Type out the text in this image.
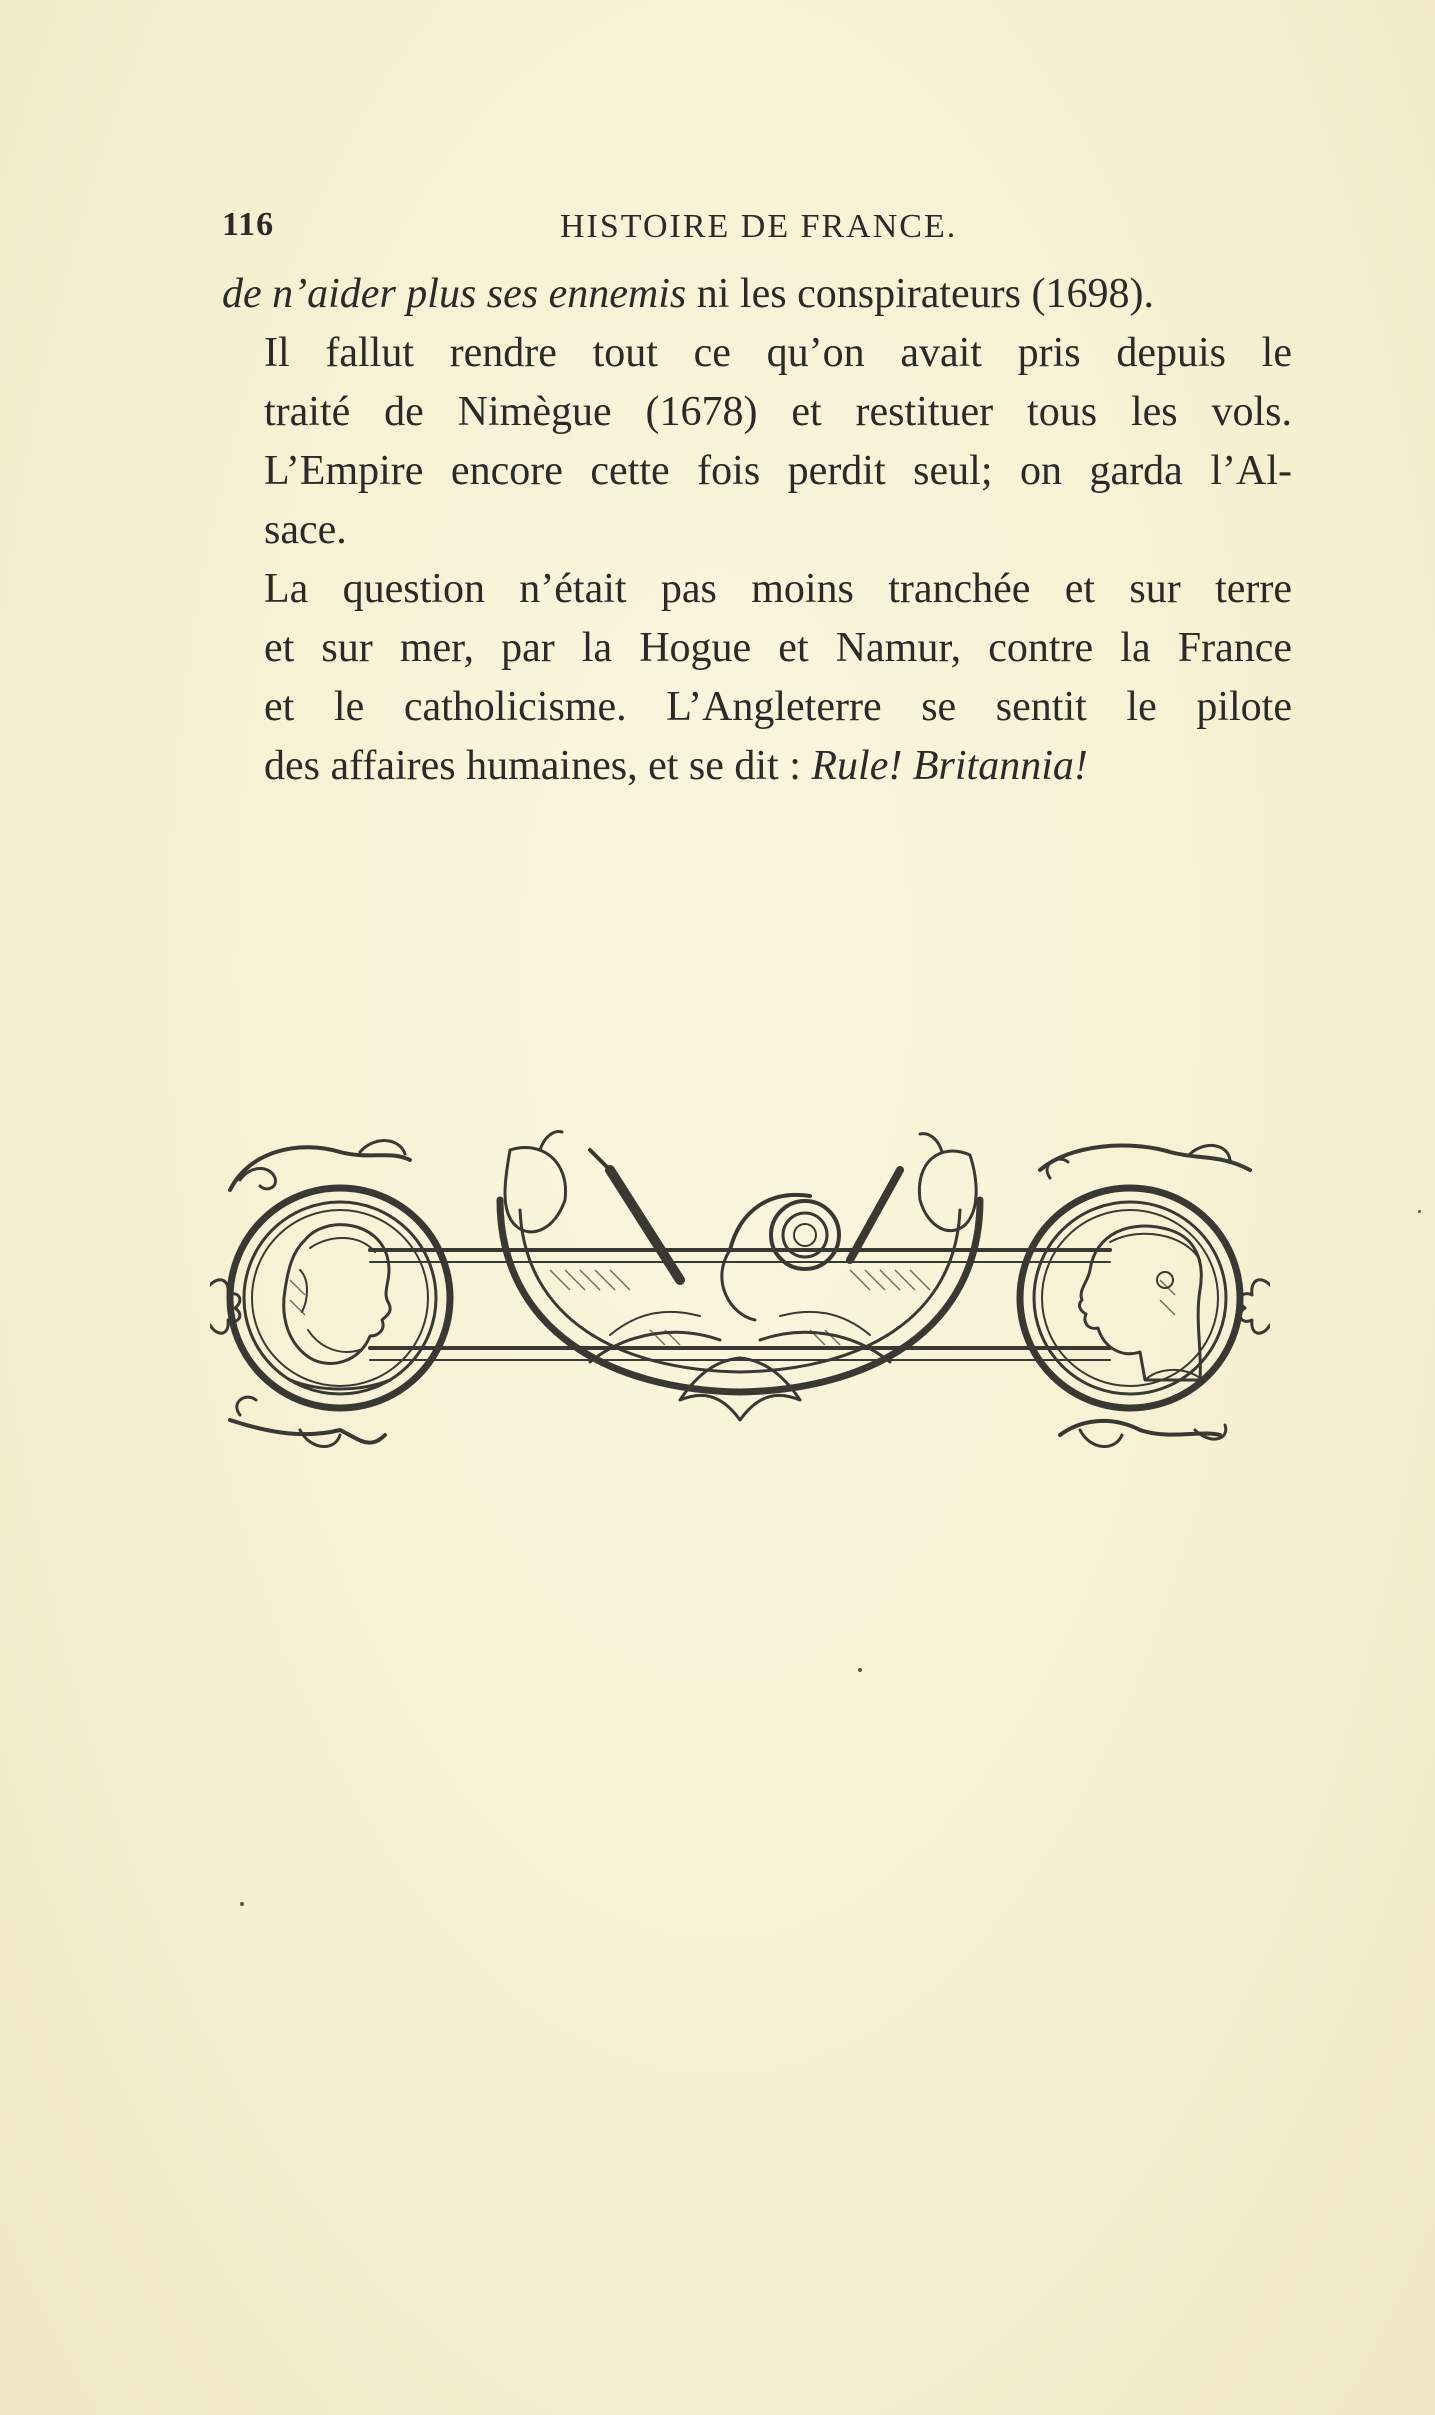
116	HISTOIRE DE FRANCE.

de n’aider plus ses ennemis ni les conspirateurs (1698).

Il fallut rendre tout ce qu’on avait pris depuis le
traité de Nimègue (1678) et restituer tous les vols.
L’Empire encore cette fois perdit seul; on garda l’Al-
sace.

La question n’était pas moins tranchée et sur terre
et sur mer, par la Hogue et Namur, contre la France
et le catholicisme. L’Angleterre se sentit le pilote
des affaires humaines, et se dit : Rule! Britannia!
